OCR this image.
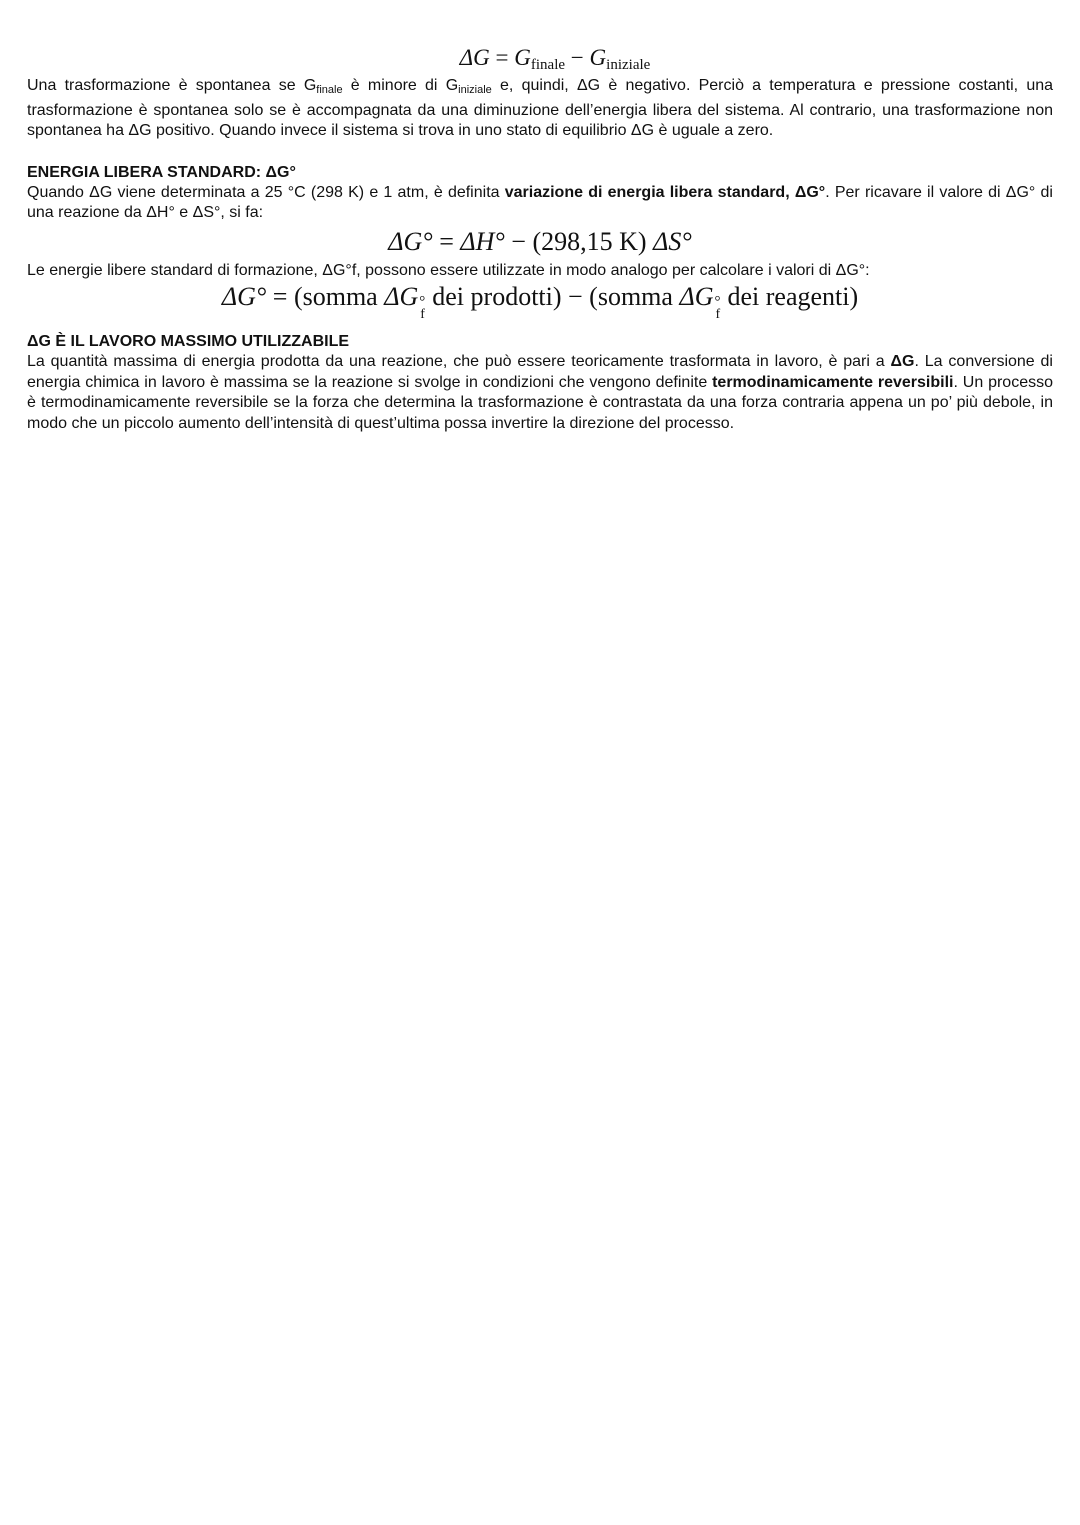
$\Delta G = G_{finale} - G_{iniziale}$

Una trasformazione è spontanea se $G_{finale}$ è minore di $G_{iniziale}$ e, quindi, ΔG è negativo. Perciò a temperatura e pressione costanti, una trasformazione è spontanea solo se è accompagnata da una diminuzione dell’energia libera del sistema. Al contrario, una trasformazione non spontanea ha ΔG positivo. Quando invece il sistema si trova in uno stato di equilibrio ΔG è uguale a zero.

ENERGIA LIBERA STANDARD: ΔG°

Quando ΔG viene determinata a 25 °C (298 K) e 1 atm, è definita variazione di energia libera standard, ΔG°. Per ricavare il valore di ΔG° di una reazione da ΔH° e ΔS°, si fa:

ΔG° = ΔH° − (298,15 K) ΔS°

Le energie libere standard di formazione, ΔG°f, possono essere utilizzate in modo analogo per calcolare i valori di ΔG°:

ΔG° = (somma ΔG °
f
dei prodotti) − (somma ΔG °
f
dei reagenti)
ΔG È IL LAVORO MASSIMO UTILIZZABILE

La quantità massima di energia prodotta da una reazione, che può essere teoricamente trasformata in lavoro, è pari a ΔG. La conversione di energia chimica in lavoro è massima se la reazione si svolge in condizioni che vengono definite termodinamicamente reversibili. Un processo è termodinamicamente reversibile se la forza che determina la trasformazione è contrastata da una forza contraria appena un po’ più debole, in modo che un piccolo aumento dell’intensità di quest’ultima possa invertire la direzione del processo.
